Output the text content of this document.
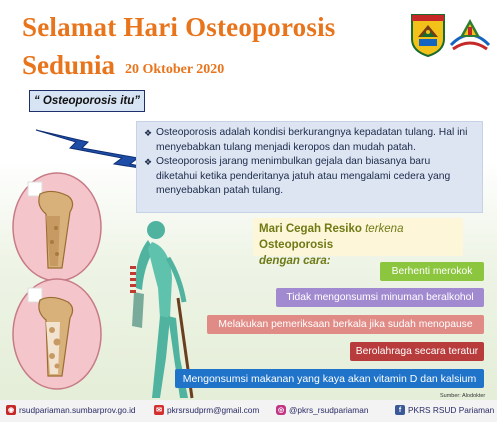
Selamat Hari Osteoporosis
Sedunia 20 Oktober 2020
“ Osteoporosis itu”
❖ Osteoporosis adalah kondisi berkurangnya kepadatan tulang. Hal ini menyebabkan tulang menjadi keropos dan mudah patah.
❖ Osteoporosis jarang menimbulkan gejala dan biasanya baru diketahui ketika penderitanya jatuh atau mengalami cedera yang menyebabkan patah tulang.
Mari Cegah Resiko terkena Osteoporosis
dengan cara:
Berhenti merokok
Tidak mengonsumsi minuman beralkohol
Melakukan pemeriksaan berkala jika sudah menopause
Berolahraga secara teratur
Mengonsumsi makanan yang kaya akan vitamin D dan kalsium
Sumber: Alodokter
◉ rsudpariaman.sumbarprov.go.id	✉ pkrsrsudprm@gmail.com	◎ @pkrs_rsudpariaman	f PKRS RSUD Pariaman
